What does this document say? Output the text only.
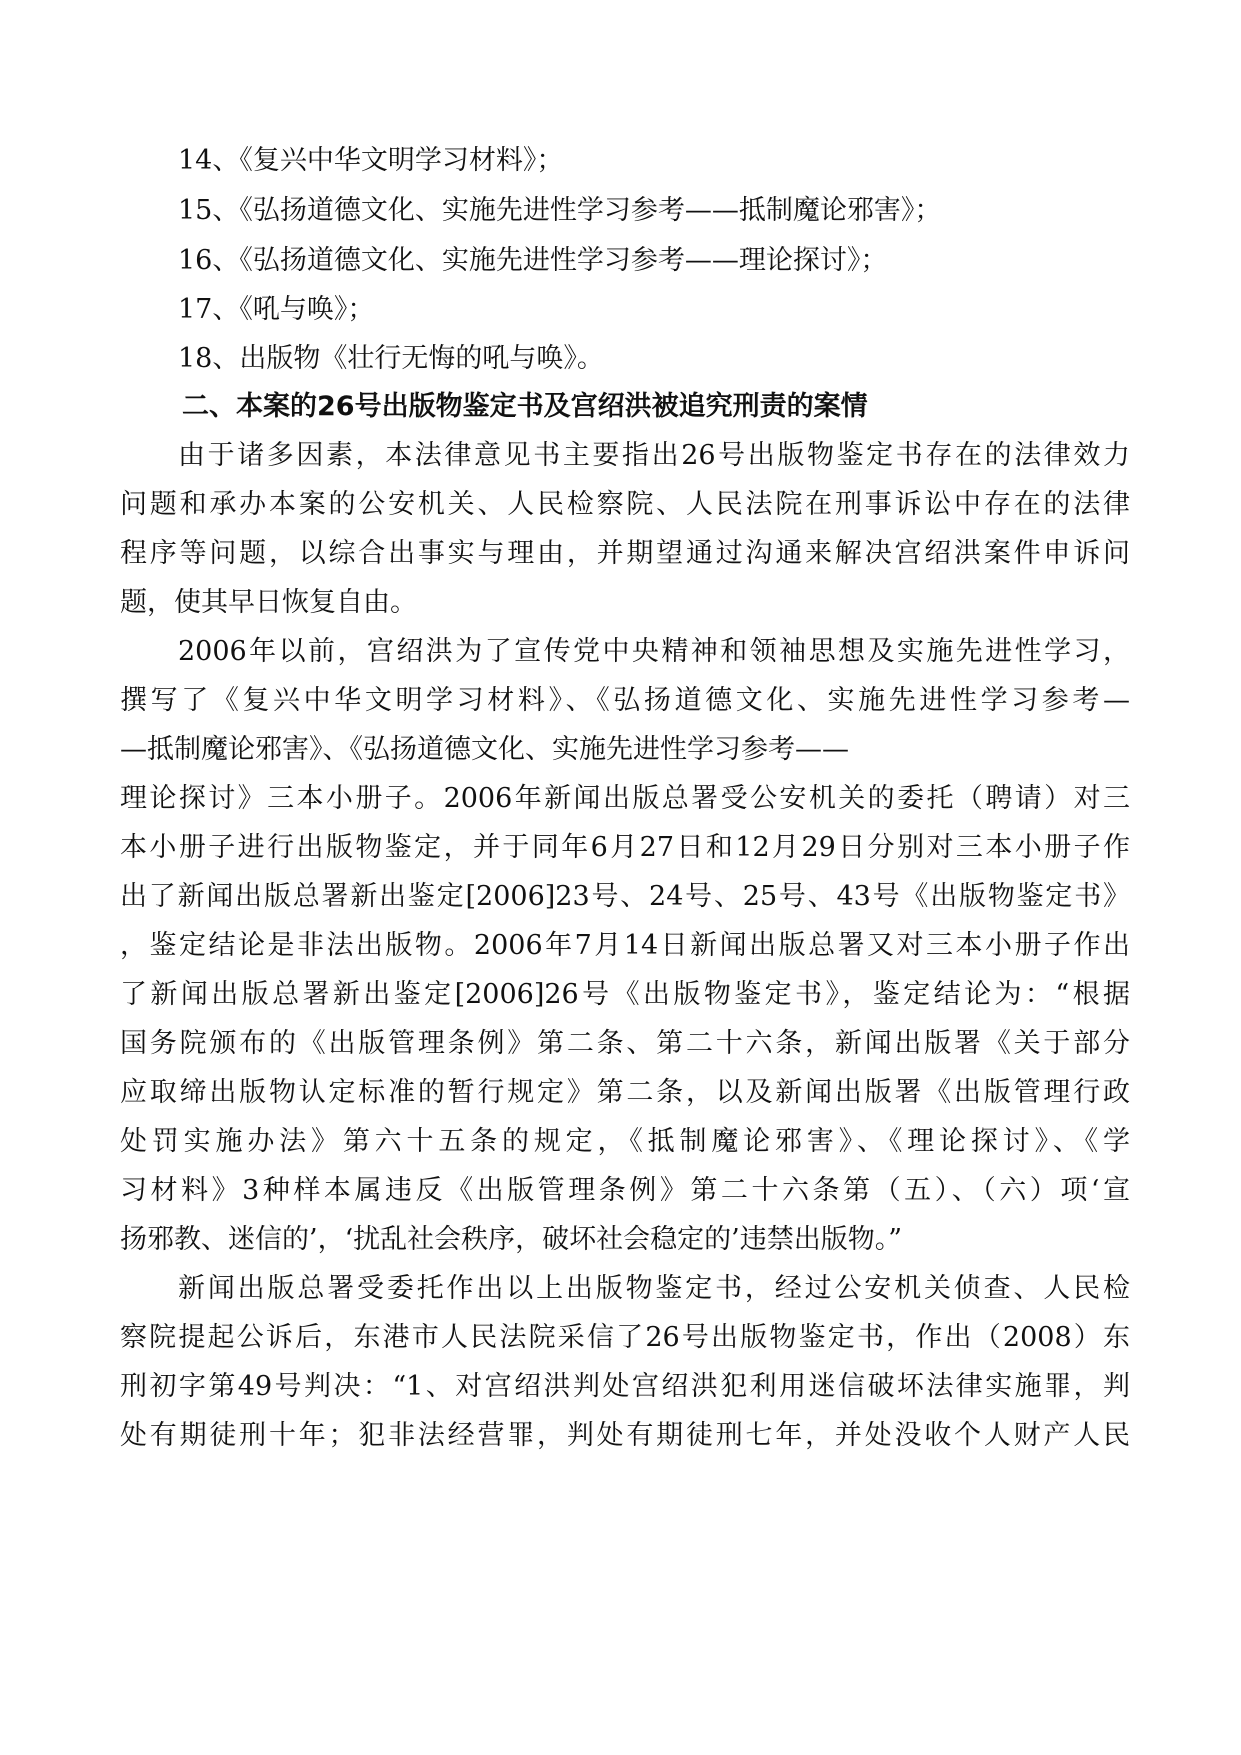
14、《复兴中华文明学习材料》；
15、《弘扬道德文化、实施先进性学习参考——抵制魔论邪害》；
16、《弘扬道德文化、实施先进性学习参考——理论探讨》；
17、《吼与唤》；
18、出版物《壮行无悔的吼与唤》。
二、本案的26号出版物鉴定书及宫绍洪被追究刑责的案情
由于诸多因素，本法律意见书主要指出26号出版物鉴定书存在的法律效力
问题和承办本案的公安机关、人民检察院、人民法院在刑事诉讼中存在的法律
程序等问题，以综合出事实与理由，并期望通过沟通来解决宫绍洪案件申诉问
题，使其早日恢复自由。
2006年以前，宫绍洪为了宣传党中央精神和领袖思想及实施先进性学习，
撰写了《复兴中华文明学习材料》、《弘扬道德文化、实施先进性学习参考—
—抵制魔论邪害》、《弘扬道德文化、实施先进性学习参考——
理论探讨》三本小册子。2006年新闻出版总署受公安机关的委托（聘请）对三
本小册子进行出版物鉴定，并于同年6月27日和12月29日分别对三本小册子作
出了新闻出版总署新出鉴定[2006]23号、24号、25号、43号《出版物鉴定书》
，鉴定结论是非法出版物。2006年7月14日新闻出版总署又对三本小册子作出
了新闻出版总署新出鉴定[2006]26号《出版物鉴定书》，鉴定结论为：“根据
国务院颁布的《出版管理条例》第二条、第二十六条，新闻出版署《关于部分
应取缔出版物认定标准的暂行规定》第二条，以及新闻出版署《出版管理行政
处罚实施办法》第六十五条的规定，《抵制魔论邪害》、《理论探讨》、《学
习材料》3种样本属违反《出版管理条例》第二十六条第（五）、（六）项‘宣
扬邪教、迷信的’，‘扰乱社会秩序，破坏社会稳定的’违禁出版物。”
新闻出版总署受委托作出以上出版物鉴定书，经过公安机关侦查、人民检
察院提起公诉后，东港市人民法院采信了26号出版物鉴定书，作出（2008）东
刑初字第49号判决：“1、对宫绍洪判处宫绍洪犯利用迷信破坏法律实施罪，判
处有期徒刑十年；犯非法经营罪，判处有期徒刑七年，并处没收个人财产人民
